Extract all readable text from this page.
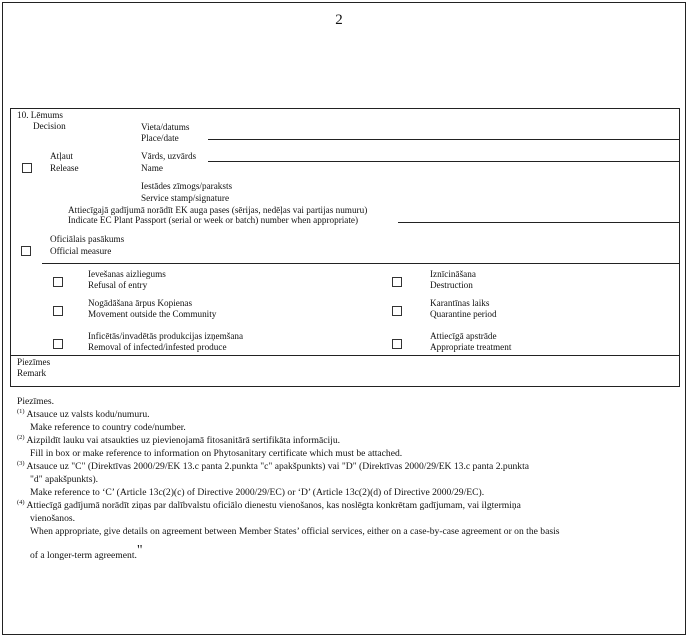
2
10. Lēmums
Decision	Vieta/datums
Place/date
Vārds, uzvārds
Name
Atļaut
Release
Iestādes zīmogs/paraksts
Service stamp/signature
Attiecīgajā gadījumā norādīt EK auga pases (sērijas, nedēļas vai partijas numuru)
Indicate EC Plant Passport (serial or week or batch) number when appropriate)
Oficiālais pasākums
Official measure
Ievešanas aizliegums
Refusal of entry
Nogādāšana ārpus Kopienas
Movement outside the Community
Inficētās/invadētās produkcijas izņemšana
Removal of infected/infested produce
Iznīcināšana
Destruction
Karantīnas laiks
Quarantine period
Attiecīgā apstrāde
Appropriate treatment
Piezīmes
Remark
Piezīmes.
$^{(1)}$ Atsauce uz valsts kodu/numuru.
Make reference to country code/number.
$^{(2)}$ Aizpildīt lauku vai atsaukties uz pievienojamā fitosanitārā sertifikāta informāciju.
Fill in box or make reference to information on Phytosanitary certificate which must be attached.
$^{(3)}$ Atsauce uz "C" (Direktīvas 2000/29/EK 13.c panta 2.punkta "c" apakšpunkts) vai "D" (Direktīvas 2000/29/EK 13.c panta 2.punkta
"d" apakšpunkts).
Make reference to ‘C’ (Article 13c(2)(c) of Directive 2000/29/EC) or ‘D’ (Article 13c(2)(d) of Directive 2000/29/EC).
$^{(4)}$ Attiecīgā gadījumā norādīt ziņas par dalībvalstu oficiālo dienestu vienošanos, kas noslēgta konkrētam gadījumam, vai ilgtermiņa
vienošanos.
When appropriate, give details on agreement between Member States’ official services, either on a case-by-case agreement or on the basis
of a longer-term agreement."
